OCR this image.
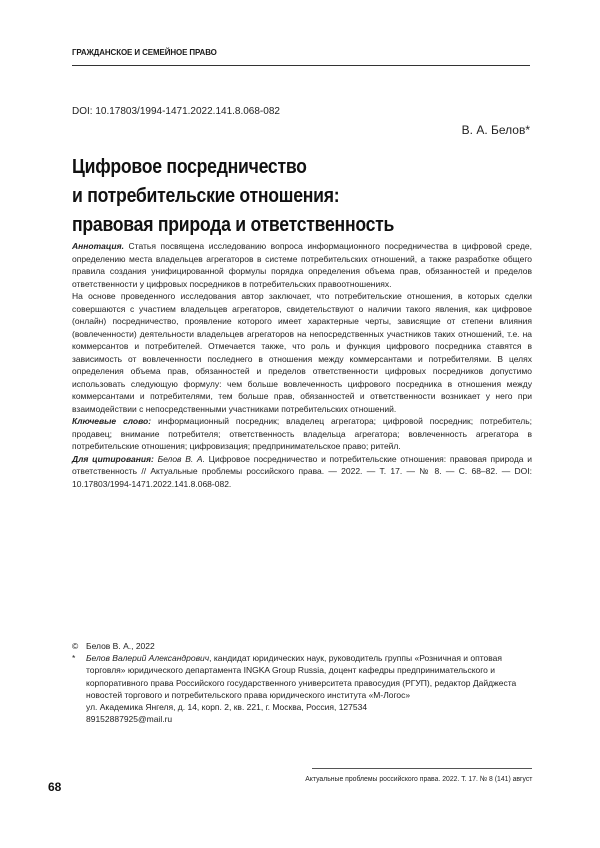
ГРАЖДАНСКОЕ И СЕМЕЙНОЕ ПРАВО
DOI: 10.17803/1994-1471.2022.141.8.068-082
В. А. Белов*
Цифровое посредничество
и потребительские отношения:
правовая природа и ответственность

Аннотация. Статья посвящена исследованию вопроса информационного посредничества в цифровой среде, определению места владельцев агрегаторов в системе потребительских отношений, а также разработке общего правила создания унифицированной формулы порядка определения объема прав, обязанностей и пределов ответственности у цифровых посредников в потребительских правоотношениях.

На основе проведенного исследования автор заключает, что потребительские отношения, в которых сделки совершаются с участием владельцев агрегаторов, свидетельствуют о наличии такого явления, как цифровое (онлайн) посредничество, проявление которого имеет характерные черты, зависящие от степени влияния (вовлеченности) деятельности владельцев агрегаторов на непосредственных участников таких отношений, т.е. на коммерсантов и потребителей. Отмечается также, что роль и функция цифрового посредника ставятся в зависимость от вовлеченности последнего в отношения между коммерсантами и потребителями. В целях определения объема прав, обязанностей и пределов ответственности цифровых посредников допустимо использовать следующую формулу: чем больше вовлеченность цифрового посредника в отношения между коммерсантами и потребителями, тем больше прав, обязанностей и ответственности возникает у него при взаимодействии с непосредственными участниками потребительских отношений.

Ключевые слово: информационный посредник; владелец агрегатора; цифровой посредник; потребитель; продавец; внимание потребителя; ответственность владельца агрегатора; вовлеченность агрегатора в потребительские отношения; цифровизация; предпринимательское право; ритейл.

Для цитирования: Белов В. А. Цифровое посредничество и потребительские отношения: правовая природа и ответственность // Актуальные проблемы российского права. — 2022. — Т. 17. — № 8. — С. 68–82. — DOI: 10.17803/1994-1471.2022.141.8.068-082.

© Белов В. А., 2022
*	Белов Валерий Александрович, кандидат юридических наук, руководитель группы «Розничная и оптовая торговля» юридического департамента INGKA Group Russia, доцент кафедры предпринимательского и корпоративного права Российского государственного университета правосудия (РГУП), редактор Дайджеста новостей торгового и потребительского права юридического института «М-Логос»
ул. Академика Янгеля, д. 14, корп. 2, кв. 221, г. Москва, Россия, 127534
89152887925@mail.ru
68
Актуальные проблемы российского права. 2022. Т. 17. № 8 (141) август
